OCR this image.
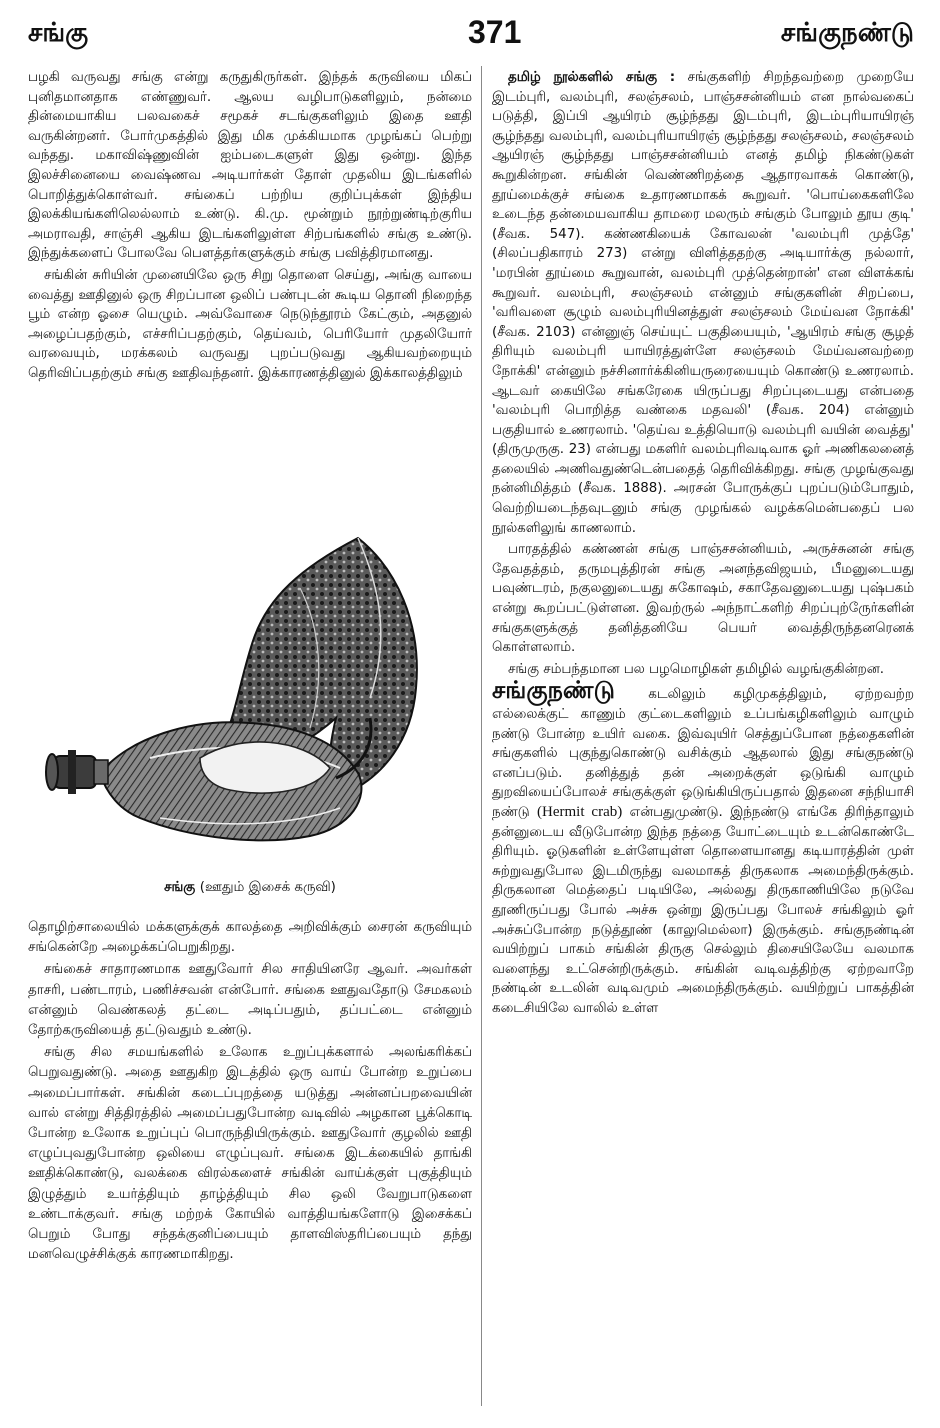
சங்கு	371	சங்குநண்டு

பழகி வருவது சங்கு என்று கருதுகிருர்கள். இந்தக் கருவியை மிகப் புனிதமானதாக எண்ணுவர். ஆலய வழிபாடுகளிலும், நன்மை தின்மையாகிய பலவகைச் சமூகச் சடங்குகளிலும் இதை ஊதி வருகின்றனர். போர்முகத்தில் இது மிக முக்கியமாக முழங்கப் பெற்று வந்தது. மகாவிஷ்ணுவின் ஐம்படைகளுள் இது ஒன்று. இந்த இலச்சினையை வைஷ்ணவ அடியார்கள் தோள் முதலிய இடங்களில் பொறித்துக்கொள்வர். சங்கைப் பற்றிய குறிப்புக்கள் இந்திய இலக்கியங்களிலெல்லாம் உண்டு. கி.மு. மூன்றும் நூற்றுண்டிற்குரிய அமராவதி, சாஞ்சி ஆகிய இடங்களிலுள்ள சிற்பங்களில் சங்கு உண்டு. இந்துக்களைப் போலவே பௌத்தர்களுக்கும் சங்கு பவித்திரமானது.

சங்கின் சுரியின் முனையிலே ஒரு சிறு தொளை செய்து, அங்கு வாயை வைத்து ஊதினுல் ஒரு சிறப்பான ஒலிப் பண்புடன் கூடிய தொனி நிறைந்த பூம் என்ற ஓசை யெழும். அவ்வோசை நெடுந்தூரம் கேட்கும், அதனுல் அழைப்பதற்கும், எச்சரிப்பதற்கும், தெய்வம், பெரியோர் முதலியோர் வரவையும், மரக்கலம் வருவது புறப்படுவது ஆகியவற்றையும் தெரிவிப்பதற்கும் சங்கு ஊதிவந்தனர். இக்காரணத்தினுல் இக்காலத்திலும்

சங்கு (ஊதும் இசைக் கருவி)

தொழிற்சாலையில் மக்களுக்குக் காலத்தை அறிவிக்கும் சைரன் கருவியும் சங்கென்றே அழைக்கப்பெறுகிறது.

சங்கைச் சாதாரணமாக ஊதுவோர் சில சாதியினரே ஆவர். அவர்கள் தாசரி, பண்டாரம், பணிச்சவன் என்போர். சங்கை ஊதுவதோடு சேமகலம் என்னும் வெண்கலத் தட்டை அடிப்பதும், தப்பட்டை என்னும் தோற்கருவியைத் தட்டுவதும் உண்டு.

சங்கு சில சமயங்களில் உலோக உறுப்புக்களால் அலங்கரிக்கப் பெறுவதுண்டு. அதை ஊதுகிற இடத்தில் ஒரு வாய் போன்ற உறுப்பை அமைப்பார்கள். சங்கின் கடைப்புறத்தை யடுத்து அன்னப்பறவையின் வால் என்று சித்திரத்தில் அமைப்பதுபோன்ற வடிவில் அழகான பூக்கொடி போன்ற உலோக உறுப்புப் பொருந்தியிருக்கும். ஊதுவோர் குழலில் ஊதி எழுப்புவதுபோன்ற ஒலியை எழுப்புவர். சங்கை இடக்கையில் தாங்கி ஊதிக்கொண்டு, வலக்கை விரல்களைச் சங்கின் வாய்க்குள் புகுத்தியும் இழுத்தும் உயர்த்தியும் தாழ்த்தியும் சில ஒலி வேறுபாடுகளை உண்டாக்குவர். சங்கு மற்றக் கோயில் வாத்தியங்களோடு இசைக்கப் பெறும் போது சந்தக்குனிப்பையும் தாளவிஸ்தரிப்பையும் தந்து மனவெழுச்சிக்குக் காரணமாகிறது.

தமிழ் நூல்களில் சங்கு : சங்குகளிற் சிறந்தவற்றை முறையே இடம்புரி, வலம்புரி, சலஞ்சலம், பாஞ்சசன்னியம் என நால்வகைப் படுத்தி, இப்பி ஆயிரம் சூழ்ந்தது இடம்புரி, இடம்புரியாயிரஞ் சூழ்ந்தது வலம்புரி, வலம்புரியாயிரஞ் சூழ்ந்தது சலஞ்சலம், சலஞ்சலம் ஆயிரஞ் சூழ்ந்தது பாஞ்சசன்னியம் எனத் தமிழ் நிகண்டுகள் கூறுகின்றன. சங்கின் வெண்ணிறத்தை ஆதாரவாகக் கொண்டு, தூய்மைக்குச் சங்கை உதாரணமாகக் கூறுவர். 'பொய்கைகளிலே உடைந்த தன்மையவாகிய தாமரை மலரும் சங்கும் போலும் தூய குடி' (சீவக. 547). கண்ணகியைக் கோவலன் 'வலம்புரி முத்தே' (சிலப்பதிகாரம் 273) என்று விளித்ததற்கு அடியார்க்கு நல்லார், 'மரபின் தூய்மை கூறுவான், வலம்புரி முத்தென்றான்' என விளக்கங் கூறுவர். வலம்புரி, சலஞ்சலம் என்னும் சங்குகளின் சிறப்பை, 'வரிவளை சூழும் வலம்புரியினத்துள் சலஞ்சலம் மேய்வன நோக்கி' (சீவக. 2103) என்னுஞ் செய்யுட் பகுதியையும், 'ஆயிரம் சங்கு சூழத் திரியும் வலம்புரி யாயிரத்துள்ளே சலஞ்சலம் மேய்வனவற்றை நோக்கி' என்னும் நச்சினார்க்கினியருரையையும் கொண்டு உணரலாம். ஆடவர் கையிலே சங்கரேகை யிருப்பது சிறப்புடையது என்பதை 'வலம்புரி பொறித்த வண்கை மதவலி' (சீவக. 204) என்னும் பகுதியால் உணரலாம். 'தெய்வ உத்தியொடு வலம்புரி வயின் வைத்து' (திருமுருகு. 23) என்பது மகளிர் வலம்புரிவடிவாக ஓர் அணிகலனைத் தலையில் அணிவதுண்டென்பதைத் தெரிவிக்கிறது. சங்கு முழங்குவது நன்னிமித்தம் (சீவக. 1888). அரசன் போருக்குப் புறப்படும்போதும், வெற்றியடைந்தவுடனும் சங்கு முழங்கல் வழக்கமென்பதைப் பல நூல்களிலுங் காணலாம்.

பாரதத்தில் கண்ணன் சங்கு பாஞ்சசன்னியம், அருச்சுனன் சங்கு தேவதத்தம், தருமபுத்திரன் சங்கு அனந்தவிஜயம், பீமனுடையது பவுண்டரம், நகுலனுடையது சுகோஷம், சகாதேவனுடையது புஷ்பகம் என்று கூறப்பட்டுள்ளன. இவற்ருல் அந்நாட்களிற் சிறப்புற்ருேர்களின் சங்குகளுக்குத் தனித்தனியே பெயர் வைத்திருந்தனரெனக் கொள்ளலாம்.

சங்கு சம்பந்தமான பல பழமொழிகள் தமிழில் வழங்குகின்றன.

சங்குநண்டு கடலிலும் கழிமுகத்திலும், ஏற்றவற்ற எல்லைக்குட் காணும் குட்டைகளிலும் உப்பங்கழிகளிலும் வாழும் நண்டு போன்ற உயிர் வகை. இவ்வுயிர் செத்துப்போன நத்தைகளின் சங்குகளில் புகுந்துகொண்டு வசிக்கும் ஆதலால் இது சங்குநண்டு எனப்படும். தனித்துத் தன் அறைக்குள் ஒடுங்கி வாழும் துறவியைப்போலச் சங்குக்குள் ஒடுங்கியிருப்பதால் இதனை சந்நியாசி நண்டு (Hermit crab) என்பதுமுண்டு. இந்நண்டு எங்கே திரிந்தாலும் தன்னுடைய வீடுபோன்ற இந்த நத்தை யோட்டையும் உடன்கொண்டே திரியும். ஓடுகளின் உள்ளேயுள்ள தொளையானது கடியாரத்தின் முள் சுற்றுவதுபோல இடமிருந்து வலமாகத் திருகலாக அமைந்திருக்கும். திருகலான மெத்தைப் படியிலே, அல்லது திருகாணியிலே நடுவே தூணிருப்பது போல் அச்சு ஒன்று இருப்பது போலச் சங்கிலும் ஓர் அச்சுப்போன்ற நடுத்தூண் (காலுமெல்லா) இருக்கும். சங்குநண்டின் வயிற்றுப் பாகம் சங்கின் திருகு செல்லும் திசையிலேயே வலமாக வளைந்து உட்சென்றிருக்கும். சங்கின் வடிவத்திற்கு ஏற்றவாறே நண்டின் உடலின் வடிவமும் அமைந்திருக்கும். வயிற்றுப் பாகத்தின் கடைசியிலே வாலில் உள்ள
